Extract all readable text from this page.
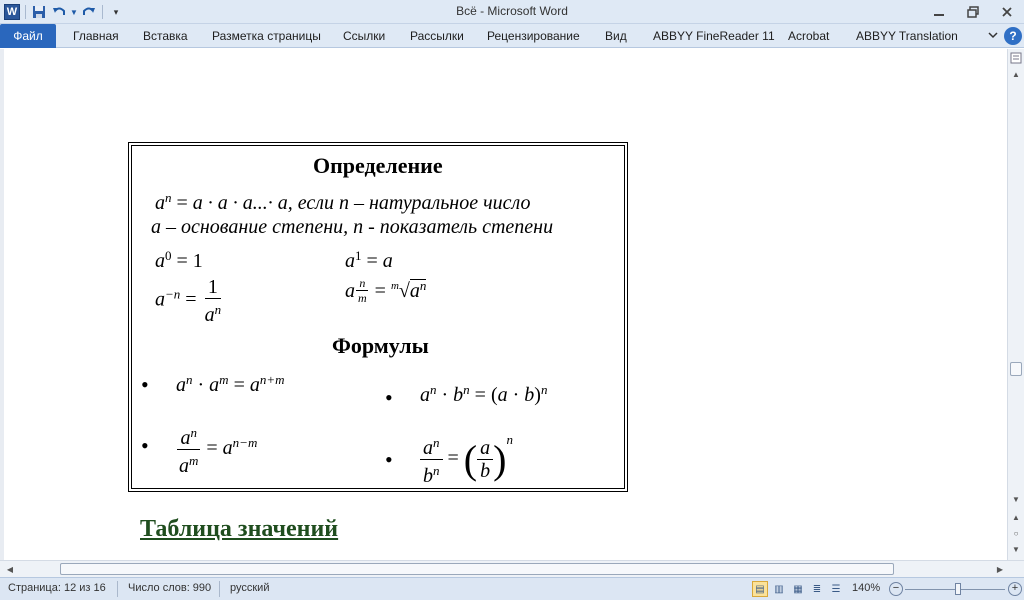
W	▼	▾	Всё - Microsoft Word
Файл	Главная Вставка Разметка страницы Ссылки Рассылки Рецензирование Вид ABBYY FineReader 11 Acrobat ABBYY Translation	?
Определение
$a^n = a \cdot a \cdot a...\cdot a$, если n – натуральное число
a – основание степени, n - показатель степени
$a^0 = 1$	$a^1 = a$
$a^{-n} = \frac{1}{a^n}$	a $\frac{n}{m} = ^m√a^n$
Формулы
• $a^n \cdot a^m = a^{n+m}$
• $a^n \cdot b^n = (a \cdot b)^n$
• $\frac{a^n}{a^m} = a^{n-m}$
• $\frac{a^n}{b^n}$ = ( $\frac{a}{b} )^n$
Таблица значений
▲
▼
▲
○
▼
◀	▶
Страница: 12 из 16 Число слов: 990 русский	▤ ▥ ▦	≣	☰	140%	−	+
